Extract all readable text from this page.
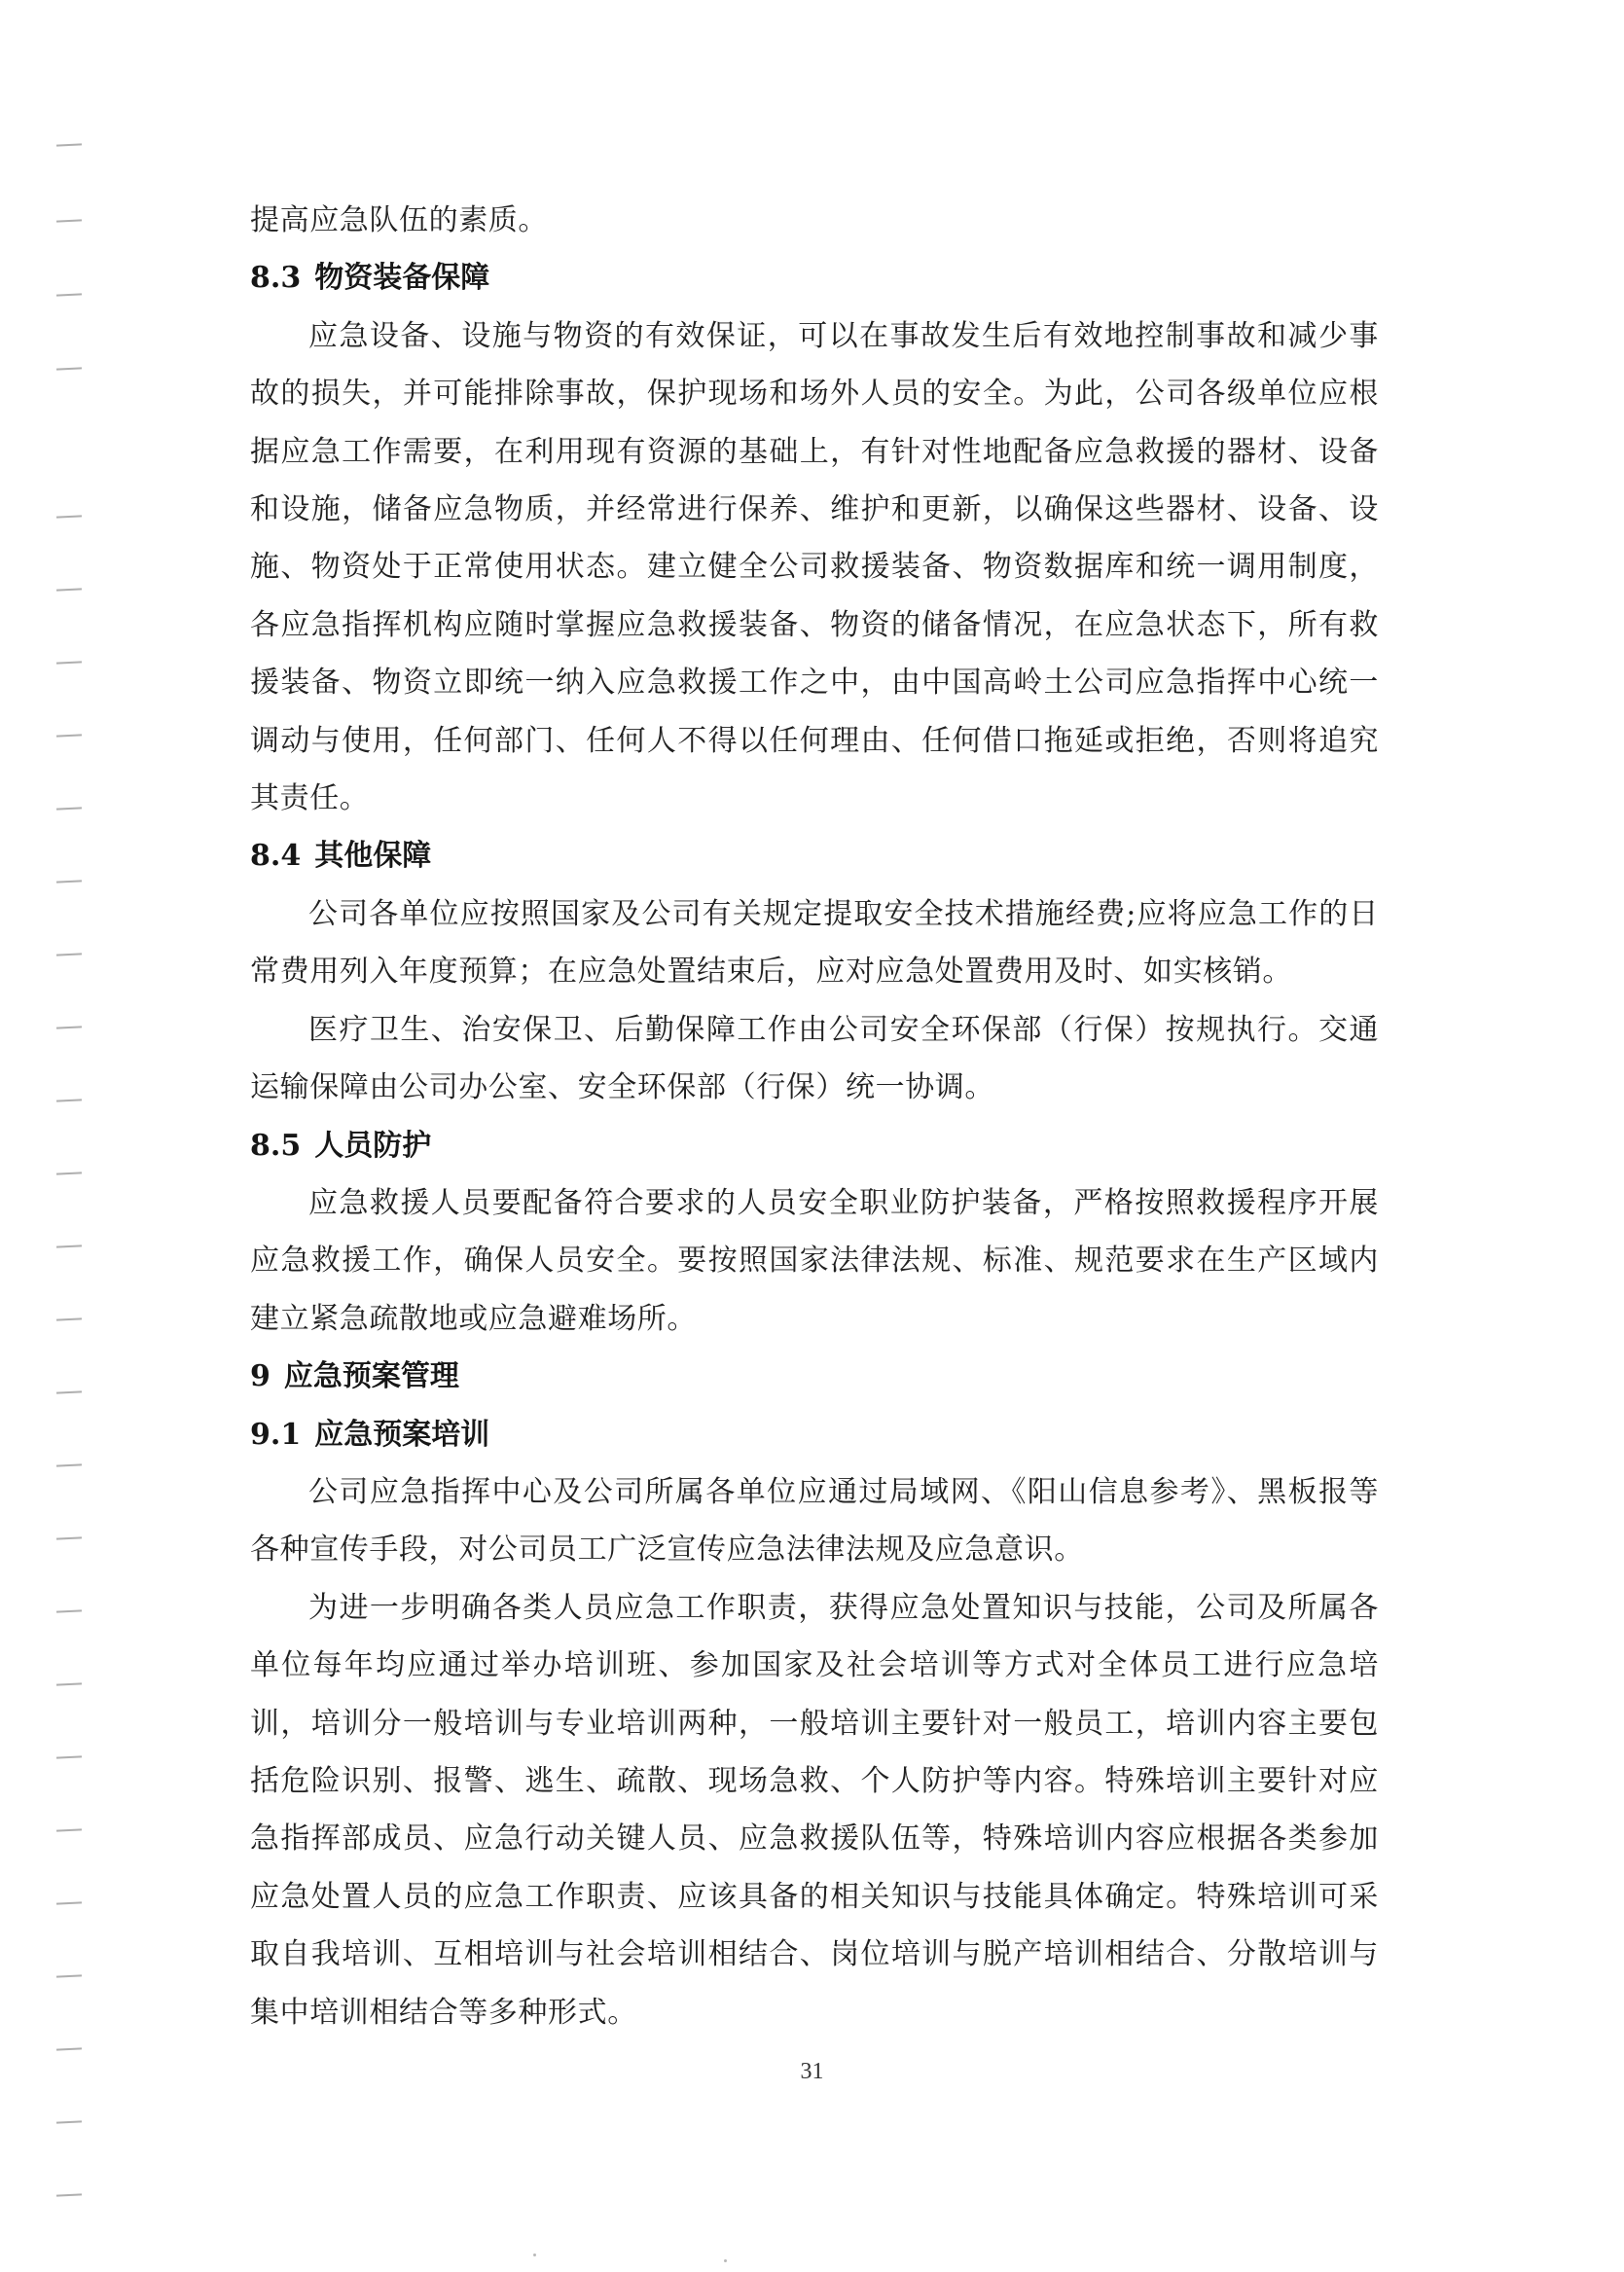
提高应急队伍的素质。

8.3 物资装备保障

应急设备、设施与物资的有效保证，可以在事故发生后有效地控制事故和减少事故的损失，并可能排除事故，保护现场和场外人员的安全。为此，公司各级单位应根据应急工作需要，在利用现有资源的基础上，有针对性地配备应急救援的器材、设备和设施，储备应急物质，并经常进行保养、维护和更新，以确保这些器材、设备、设施、物资处于正常使用状态。建立健全公司救援装备、物资数据库和统一调用制度，各应急指挥机构应随时掌握应急救援装备、物资的储备情况，在应急状态下，所有救援装备、物资立即统一纳入应急救援工作之中，由中国高岭土公司应急指挥中心统一调动与使用，任何部门、任何人不得以任何理由、任何借口拖延或拒绝，否则将追究其责任。

8.4 其他保障

公司各单位应按照国家及公司有关规定提取安全技术措施经费;应将应急工作的日常费用列入年度预算；在应急处置结束后，应对应急处置费用及时、如实核销。

医疗卫生、治安保卫、后勤保障工作由公司安全环保部（行保）按规执行。交通运输保障由公司办公室、安全环保部（行保）统一协调。

8.5 人员防护

应急救援人员要配备符合要求的人员安全职业防护装备，严格按照救援程序开展应急救援工作，确保人员安全。要按照国家法律法规、标准、规范要求在生产区域内建立紧急疏散地或应急避难场所。

9 应急预案管理

9.1 应急预案培训

公司应急指挥中心及公司所属各单位应通过局域网、《阳山信息参考》、黑板报等各种宣传手段，对公司员工广泛宣传应急法律法规及应急意识。

为进一步明确各类人员应急工作职责，获得应急处置知识与技能，公司及所属各单位每年均应通过举办培训班、参加国家及社会培训等方式对全体员工进行应急培训，培训分一般培训与专业培训两种，一般培训主要针对一般员工，培训内容主要包括危险识别、报警、逃生、疏散、现场急救、个人防护等内容。特殊培训主要针对应急指挥部成员、应急行动关键人员、应急救援队伍等，特殊培训内容应根据各类参加应急处置人员的应急工作职责、应该具备的相关知识与技能具体确定。特殊培训可采取自我培训、互相培训与社会培训相结合、岗位培训与脱产培训相结合、分散培训与集中培训相结合等多种形式。

31
